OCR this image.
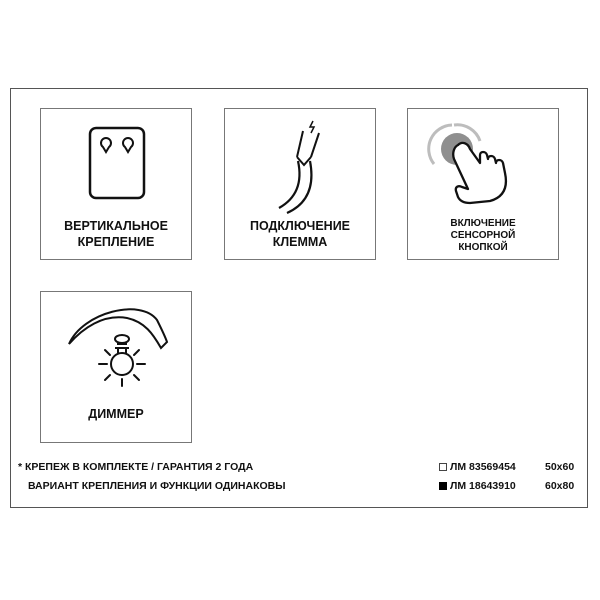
ВЕРТИКАЛЬНОЕ
КРЕПЛЕНИЕ
ПОДКЛЮЧЕНИЕ
КЛЕММА
ВКЛЮЧЕНИЕ
СЕНСОРНОЙ
КНОПКОЙ
ДИММЕР
* КРЕПЕЖ В КОМПЛЕКТЕ / ГАРАНТИЯ 2 ГОДА
ВАРИАНТ КРЕПЛЕНИЯ И ФУНКЦИИ ОДИНАКОВЫ
ЛМ 83569454	50x60
ЛМ 18643910	60x80
